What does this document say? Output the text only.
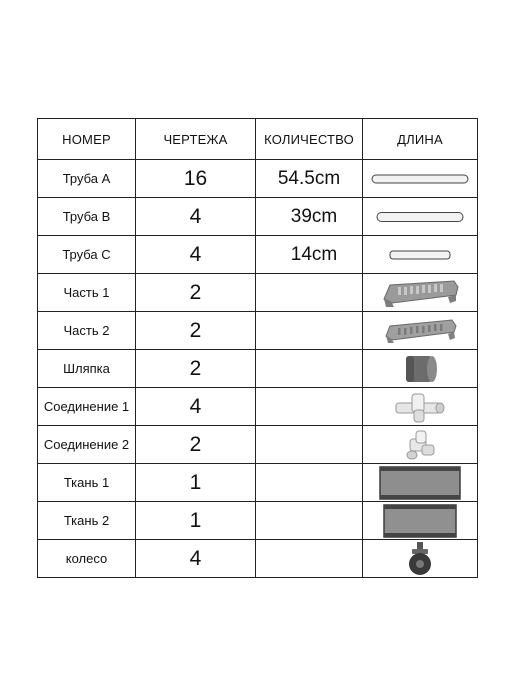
НОМЕР	ЧЕРТЕЖА	КОЛИЧЕСТВО	ДЛИНА
Труба A	16	54.5cm	

Труба B	4	39cm	

Труба C	4	14cm	

Часть 1	2		

Часть 2	2		

Шляпка	2		

Соединение 1	4		

Соединение 2	2		

Ткань 1	1		

Ткань 2	1		

колесо	4		
